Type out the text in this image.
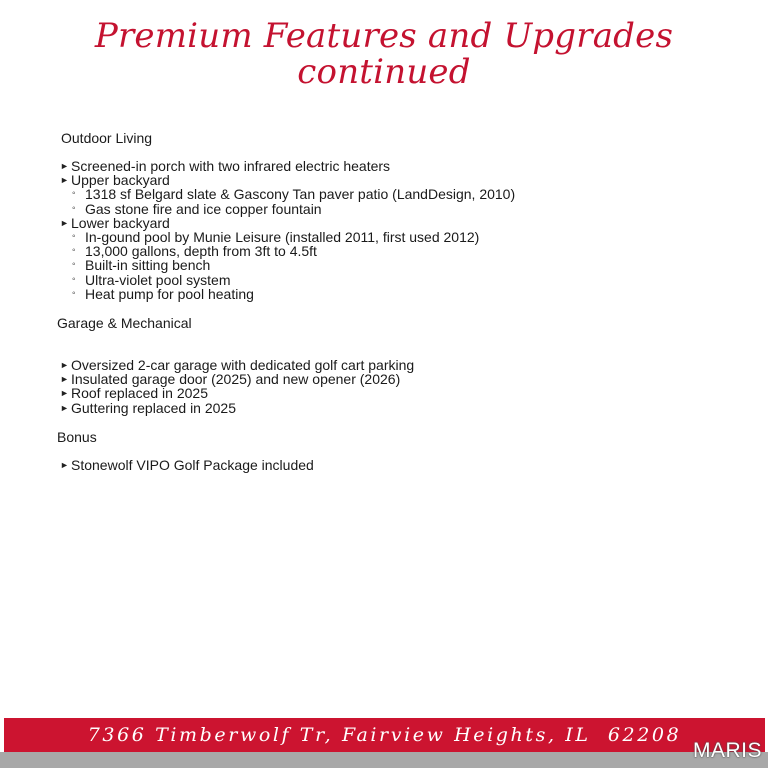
Premium Features and Upgrades
continued
Outdoor Living
► Screened-in porch with two infrared electric heaters
► Upper backyard
◦ 1318 sf Belgard slate & Gascony Tan paver patio (LandDesign, 2010)
◦ Gas stone fire and ice copper fountain
► Lower backyard
◦ In-gound pool by Munie Leisure (installed 2011, first used 2012)
◦ 13,000 gallons, depth from 3ft to 4.5ft
◦ Built-in sitting bench
◦ Ultra-violet pool system
◦ Heat pump for pool heating
Garage & Mechanical
► Oversized 2-car garage with dedicated golf cart parking
► Insulated garage door (2025) and new opener (2026)
► Roof replaced in 2025
► Guttering replaced in 2025
Bonus
► Stonewolf VIPO Golf Package included
7366 Timberwolf Tr, Fairview Heights, IL  62208
MARIS
